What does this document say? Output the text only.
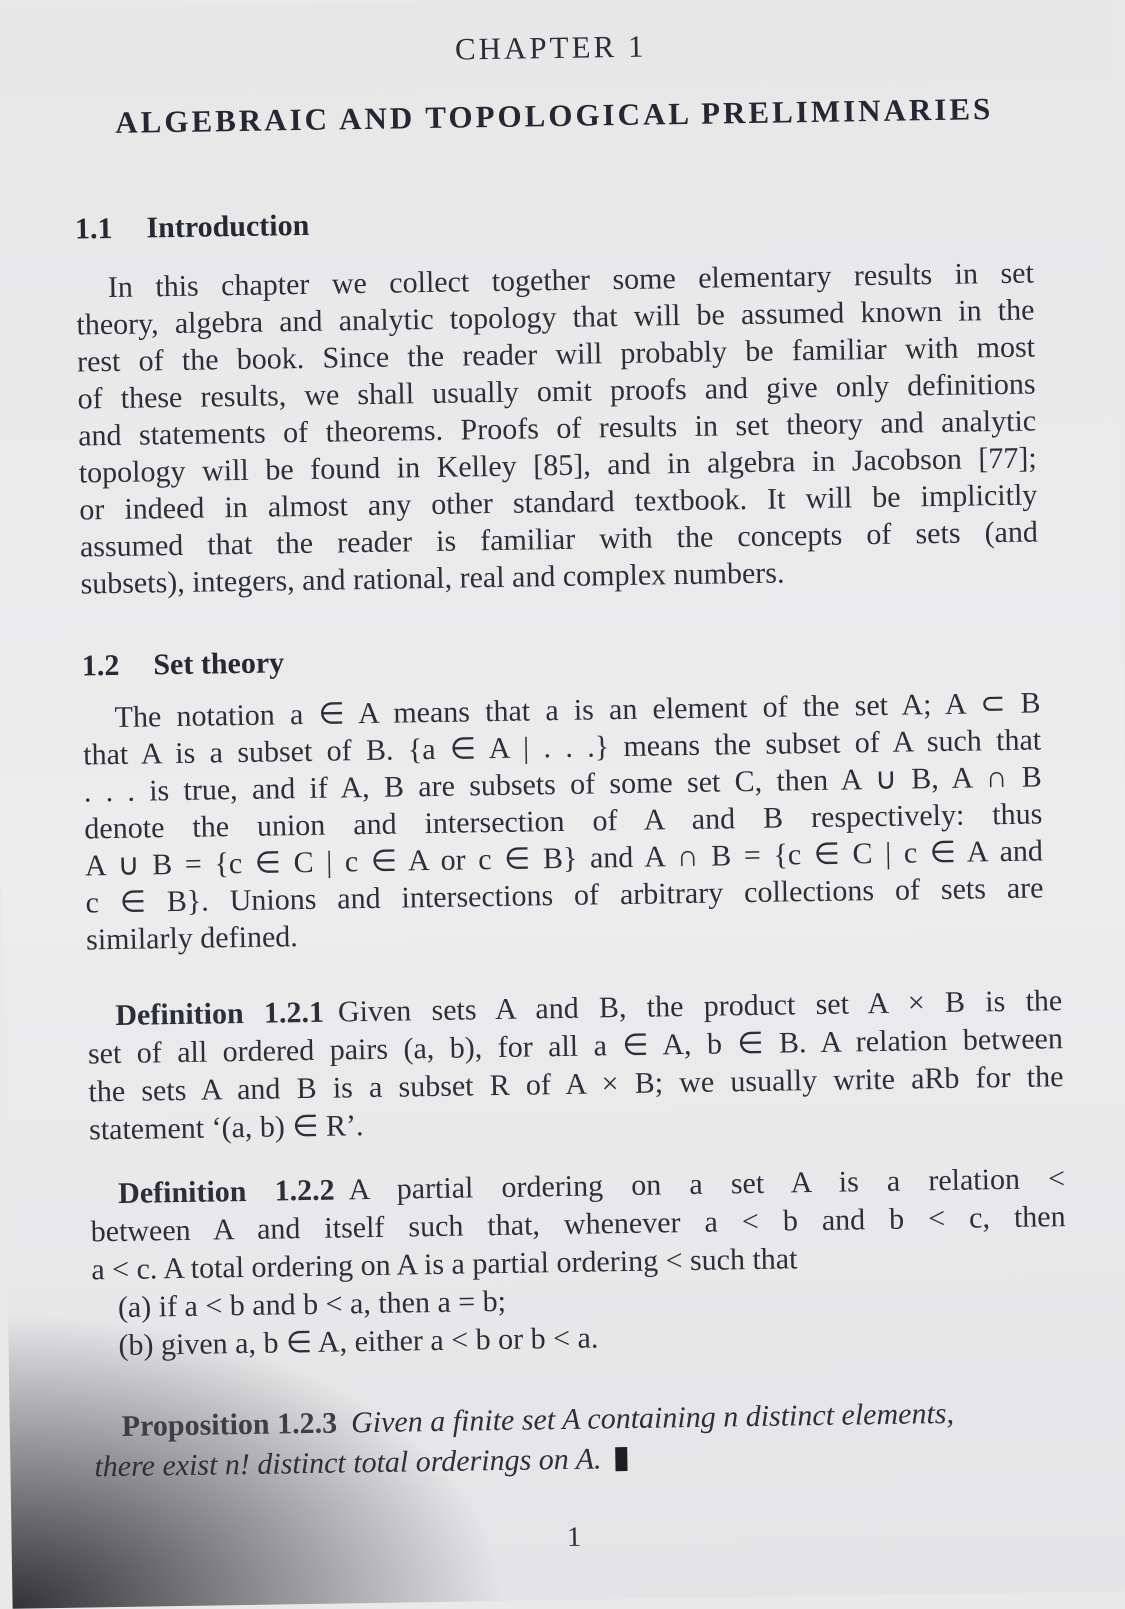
CHAPTER 1
ALGEBRAIC AND TOPOLOGICAL PRELIMINARIES
1.1 Introduction
In this chapter we collect together some elementary results in set
theory, algebra and analytic topology that will be assumed known in the
rest of the book. Since the reader will probably be familiar with most
of these results, we shall usually omit proofs and give only definitions
and statements of theorems. Proofs of results in set theory and analytic
topology will be found in Kelley [85], and in algebra in Jacobson [77];
or indeed in almost any other standard textbook. It will be implicitly
assumed that the reader is familiar with the concepts of sets (and
subsets), integers, and rational, real and complex numbers.
1.2 Set theory
The notation a ∈ A means that a is an element of the set A; A ⊂ B
that A is a subset of B. {a ∈ A | . . .} means the subset of A such that
. . . is true, and if A, B are subsets of some set C, then A ∪ B, A ∩ B
denote the union and intersection of A and B respectively: thus
A ∪ B = {c ∈ C | c ∈ A or c ∈ B} and A ∩ B = {c ∈ C | c ∈ A and
c ∈ B}. Unions and intersections of arbitrary collections of sets are
similarly defined.
Definition 1.2.1 Given sets A and B, the product set A × B is the
set of all ordered pairs (a, b), for all a ∈ A, b ∈ B. A relation between
the sets A and B is a subset R of A × B; we usually write aRb for the
statement ‘(a, b) ∈ R’.
Definition 1.2.2 A partial ordering on a set A is a relation <
between A and itself such that, whenever a < b and b < c, then
a < c. A total ordering on A is a partial ordering < such that
(a) if a < b and b < a, then a = b;
(b) given a, b ∈ A, either a < b or b < a.
Proposition 1.2.3 Given a finite set A containing n distinct elements,
there exist n! distinct total orderings on A.
1
